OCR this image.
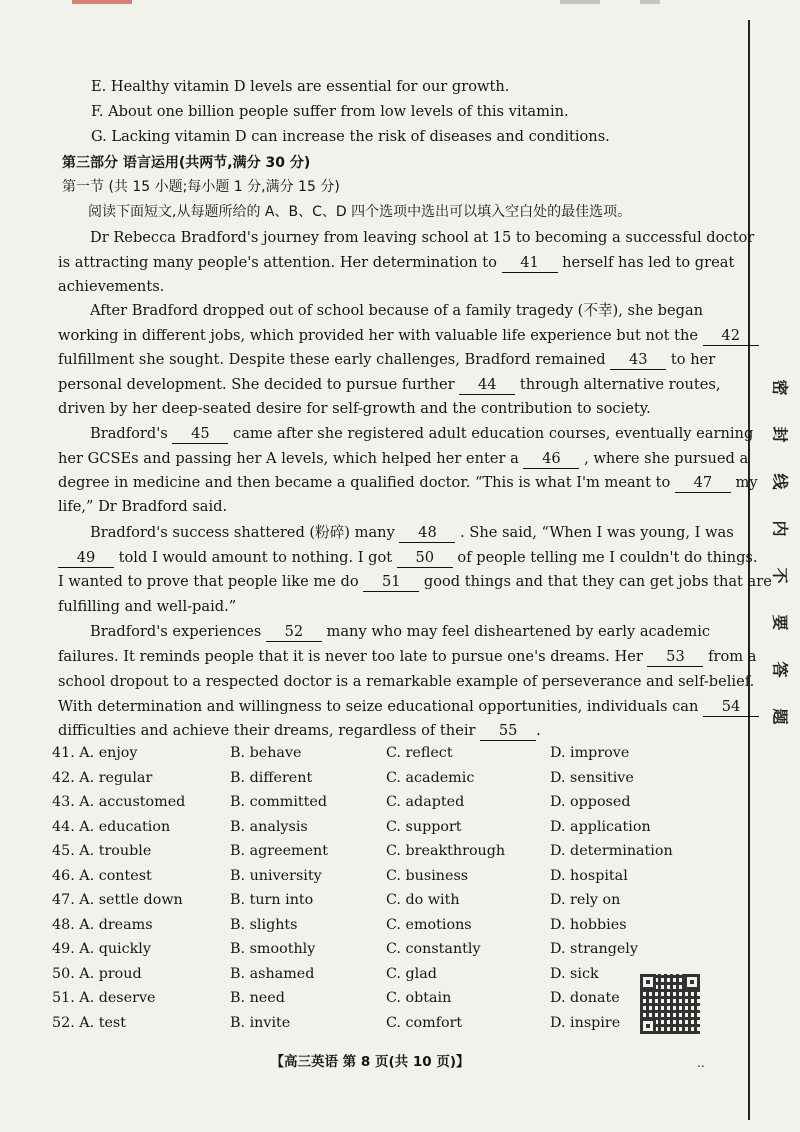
密
封
线
内
不
要
答
题
E. Healthy vitamin D levels are essential for our growth.
F. About one billion people suffer from low levels of this vitamin.
G. Lacking vitamin D can increase the risk of diseases and conditions.
第三部分 语言运用(共两节,满分 30 分)
第一节 (共 15 小题;每小题 1 分,满分 15 分)
阅读下面短文,从每题所给的 A、B、C、D 四个选项中选出可以填入空白处的最佳选项。
Dr Rebecca Bradford's journey from leaving school at 15 to becoming a successful doctor
is attracting many people's attention. Her determination to 41 herself has led to great
achievements.
After Bradford dropped out of school because of a family tragedy (不幸), she began
working in different jobs, which provided her with valuable life experience but not the 42
fulfillment she sought. Despite these early challenges, Bradford remained 43 to her
personal development. She decided to pursue further 44 through alternative routes,
driven by her deep-seated desire for self-growth and the contribution to society.
Bradford's 45 came after she registered adult education courses, eventually earning
her GCSEs and passing her A levels, which helped her enter a 46 , where she pursued a
degree in medicine and then became a qualified doctor. “This is what I'm meant to 47 my
life,” Dr Bradford said.
Bradford's success shattered (粉碎) many 48 . She said, “When I was young, I was
49 told I would amount to nothing. I got 50 of people telling me I couldn't do things.
I wanted to prove that people like me do 51 good things and that they can get jobs that are
fulfilling and well-paid.”
Bradford's experiences 52 many who may feel disheartened by early academic
failures. It reminds people that it is never too late to pursue one's dreams. Her 53 from a
school dropout to a respected doctor is a remarkable example of perseverance and self-belief.
With determination and willingness to seize educational opportunities, individuals can 54
difficulties and achieve their dreams, regardless of their 55 .
41. A. enjoy	B. behave	C. reflect	D. improve
42. A. regular	B. different	C. academic	D. sensitive
43. A. accustomed	B. committed	C. adapted	D. opposed
44. A. education	B. analysis	C. support	D. application
45. A. trouble	B. agreement	C. breakthrough	D. determination
46. A. contest	B. university	C. business	D. hospital
47. A. settle down	B. turn into	C. do with	D. rely on
48. A. dreams	B. slights	C. emotions	D. hobbies
49. A. quickly	B. smoothly	C. constantly	D. strangely
50. A. proud	B. ashamed	C. glad	D. sick
51. A. deserve	B. need	C. obtain	D. donate
52. A. test	B. invite	C. comfort	D. inspire
【高三英语 第 8 页(共 10 页)】	..
